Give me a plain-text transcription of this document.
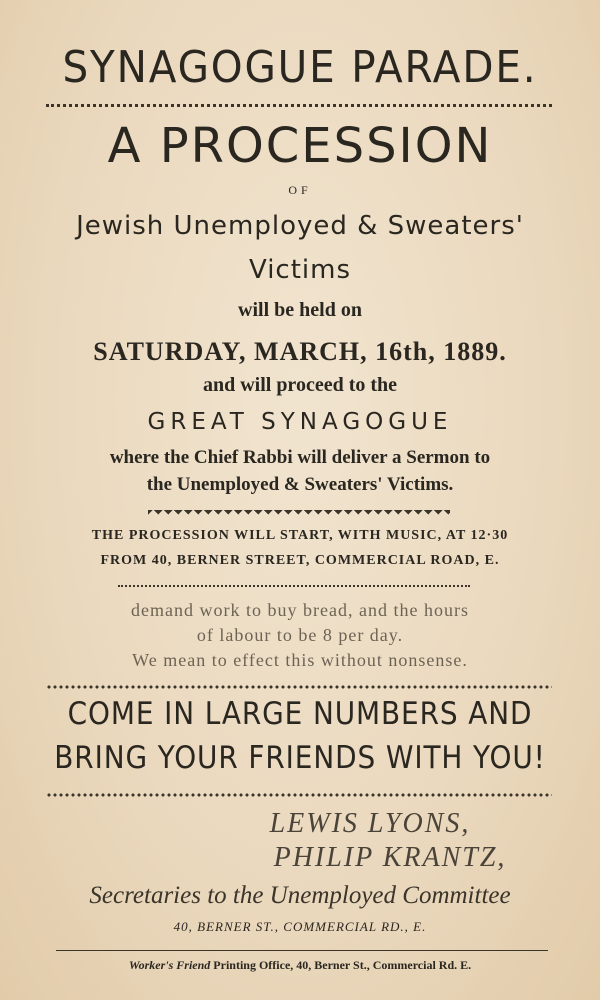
SYNAGOGUE PARADE.
A PROCESSION
OF
Jewish Unemployed & Sweaters'
Victims
will be held on
SATURDAY, MARCH, 16th, 1889.
and will proceed to the
GREAT SYNAGOGUE
where the Chief Rabbi will deliver a Sermon to
the Unemployed & Sweaters' Victims.
THE PROCESSION WILL START, WITH MUSIC, AT 12·30
FROM 40, BERNER STREET, COMMERCIAL ROAD, E.
demand work to buy bread, and the hours
of labour to be 8 per day.
We mean to effect this without nonsense.
COME IN LARGE NUMBERS AND
BRING YOUR FRIENDS WITH YOU!
LEWIS LYONS,
PHILIP KRANTZ,
Secretaries to the Unemployed Committee
40, BERNER ST., COMMERCIAL RD., E.
Worker's Friend Printing Office, 40, Berner St., Commercial Rd. E.
